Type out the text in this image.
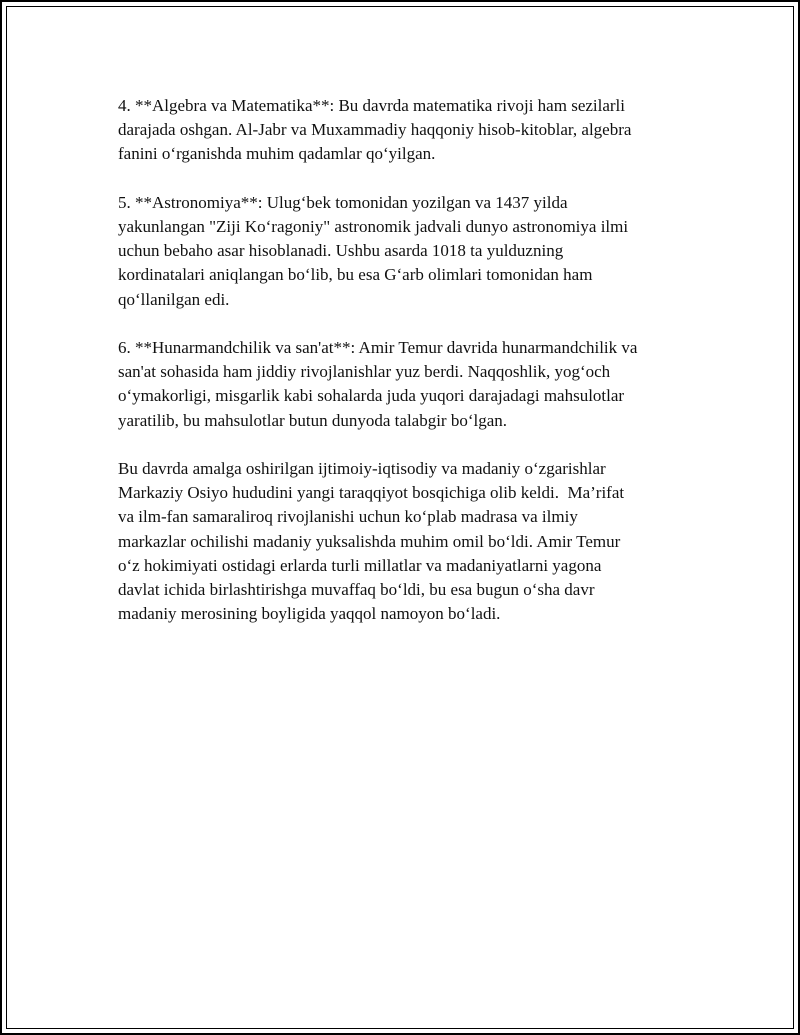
4. **Algebra va Matematika**: Bu davrda matematika rivoji ham sezilarli
darajada oshgan. Al-Jabr va Muxammadiy haqqoniy hisob-kitoblar, algebra
fanini o‘rganishda muhim qadamlar qo‘yilgan.

5. **Astronomiya**: Ulug‘bek tomonidan yozilgan va 1437 yilda
yakunlangan "Ziji Ko‘ragoniy" astronomik jadvali dunyo astronomiya ilmi
uchun bebaho asar hisoblanadi. Ushbu asarda 1018 ta yulduzning
kordinatalari aniqlangan bo‘lib, bu esa G‘arb olimlari tomonidan ham
qo‘llanilgan edi.

6. **Hunarmandchilik va san'at**: Amir Temur davrida hunarmandchilik va
san'at sohasida ham jiddiy rivojlanishlar yuz berdi. Naqqoshlik, yog‘och
o‘ymakorligi, misgarlik kabi sohalarda juda yuqori darajadagi mahsulotlar
yaratilib, bu mahsulotlar butun dunyoda talabgir bo‘lgan.

Bu davrda amalga oshirilgan ijtimoiy-iqtisodiy va madaniy o‘zgarishlar
Markaziy Osiyo hududini yangi taraqqiyot bosqichiga olib keldi.  Ma’rifat
va ilm-fan samaraliroq rivojlanishi uchun ko‘plab madrasa va ilmiy
markazlar ochilishi madaniy yuksalishda muhim omil bo‘ldi. Amir Temur
o‘z hokimiyati ostidagi erlarda turli millatlar va madaniyatlarni yagona
davlat ichida birlashtirishga muvaffaq bo‘ldi, bu esa bugun o‘sha davr
madaniy merosining boyligida yaqqol namoyon bo‘ladi.
